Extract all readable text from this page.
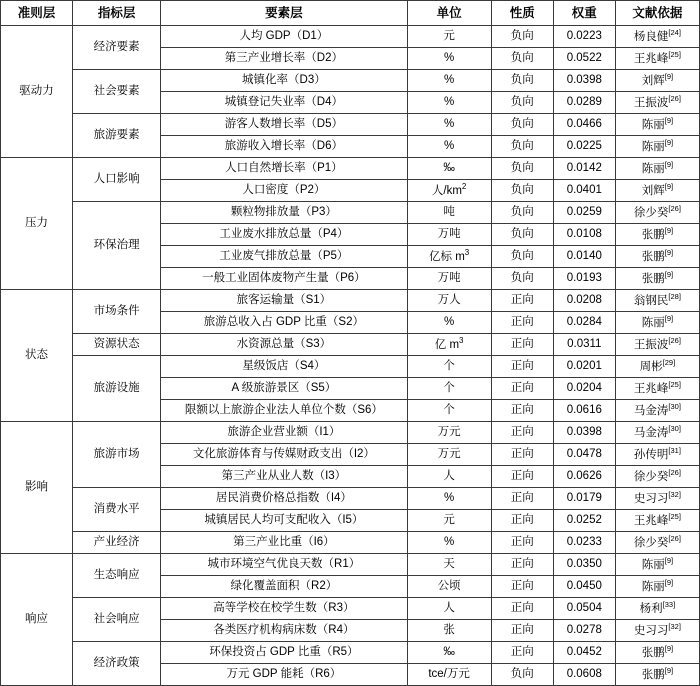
准则层	指标层	要素层	单位	性质	权重	文献依据
驱动力	经济要素	人均 GDP（D1）	元	负向	0.0223	杨良健[24]
		第三产业增长率（D2）	%	负向	0.0522	王兆峰[25]
	社会要素	城镇化率（D3）	%	负向	0.0398	刘辉[9]
		城镇登记失业率（D4）	%	负向	0.0289	王振波[26]
	旅游要素	游客人数增长率（D5）	%	负向	0.0466	陈丽[9]
		旅游收入增长率（D6）	%	负向	0.0225	陈丽[9]
压力	人口影响	人口自然增长率（P1）	‰	负向	0.0142	陈丽[9]
		人口密度（P2）	人$/km^2$	负向	0.0401	刘辉[9]
	环保治理	颗粒物排放量（P3）	吨	负向	0.0259	徐少癸[26]
		工业废水排放总量（P4）	万吨	负向	0.0108	张鹏[9]
		工业废气排放总量（P5）	亿标 $m^3$	负向	0.0140	张鹏[9]
		一般工业固体废物产生量（P6）	万吨	负向	0.0193	张鹏[9]
状态	市场条件	旅客运输量（S1）	万人	正向	0.0208	翁钢民[28]
		旅游总收入占 GDP 比重（S2）	%	正向	0.0284	陈丽[9]
	资源状态	水资源总量（S3）	亿 $m^3$	正向	0.0311	王振波[26]
	旅游设施	星级饭店（S4）	个	正向	0.0201	周彬[29]
		A 级旅游景区（S5）	个	正向	0.0204	王兆峰[25]
		限额以上旅游企业法人单位个数（S6）	个	正向	0.0616	马金涛[30]
影响	旅游市场	旅游企业营业额（I1）	万元	正向	0.0398	马金涛[30]
		文化旅游体育与传媒财政支出（I2）	万元	正向	0.0478	孙传明[31]
		第三产业从业人数（I3）	人	正向	0.0626	徐少癸[26]
	消费水平	居民消费价格总指数（I4）	%	正向	0.0179	史习习[32]
		城镇居民人均可支配收入（I5）	元	正向	0.0252	王兆峰[25]
	产业经济	第三产业比重（I6）	%	正向	0.0233	徐少癸[26]
响应	生态响应	城市环境空气优良天数（R1）	天	正向	0.0350	陈丽[9]
		绿化覆盖面积（R2）	公顷	正向	0.0450	陈丽[9]
	社会响应	高等学校在校学生数（R3）	人	正向	0.0504	杨利[33]
		各类医疗机构病床数（R4）	张	正向	0.0278	史习习[32]
	经济政策	环保投资占 GDP 比重（R5）	‰	正向	0.0452	张鹏[9]
		万元 GDP 能耗（R6）	tce/万元	负向	0.0608	张鹏[9]
